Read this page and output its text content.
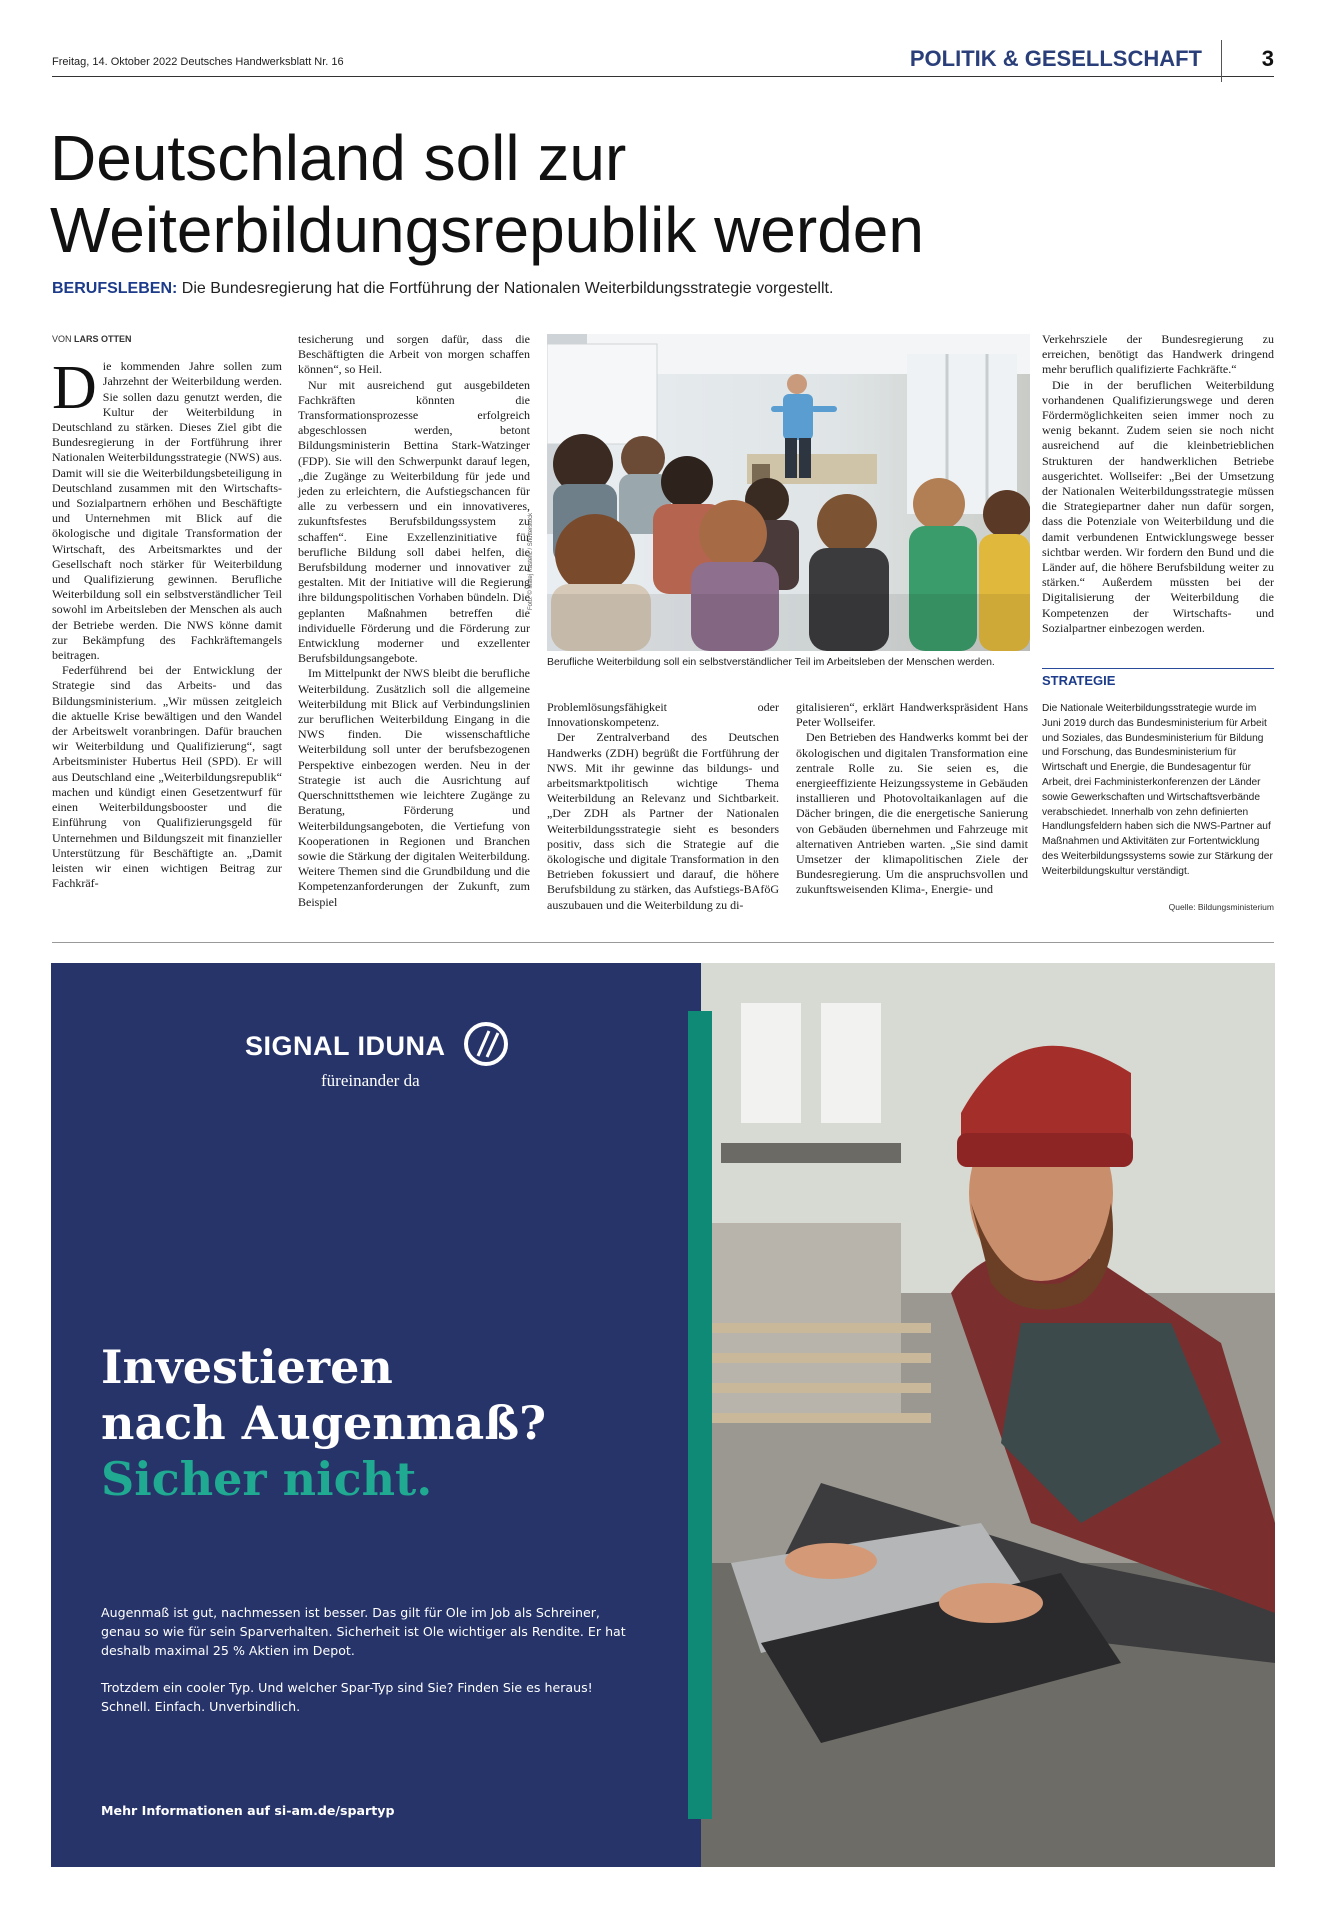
Freitag, 14. Oktober 2022 Deutsches Handwerksblatt Nr. 16	POLITIK & GESELLSCHAFT	3
Deutschland soll zur Weiterbildungsrepublik werden
BERUFSLEBEN: Die Bundesregierung hat die Fortführung der Nationalen Weiterbildungsstrategie vorgestellt.
VON LARS OTTEN
D ie kommenden Jahre sollen zum Jahrzehnt der Weiterbildung werden. Sie sollen dazu genutzt werden, die Kultur der Weiterbildung in Deutschland zu stärken. Dieses Ziel gibt die Bundesregierung in der Fortführung ihrer Nationalen Weiterbildungsstrategie (NWS) aus. Damit will sie die Weiterbildungsbeteiligung in Deutschland zusammen mit den Wirtschafts- und Sozialpartnern erhöhen und Beschäftigte und Unternehmen mit Blick auf die ökologische und digitale Transformation der Wirtschaft, des Arbeitsmarktes und der Gesellschaft noch stärker für Weiterbildung und Qualifizierung gewinnen. Berufliche Weiterbildung soll ein selbstverständlicher Teil sowohl im Arbeitsleben der Menschen als auch der Betriebe werden. Die NWS könne damit zur Bekämpfung des Fachkräftemangels beitragen.

Federführend bei der Entwicklung der Strategie sind das Arbeits- und das Bildungsministerium. „Wir müssen zeitgleich die aktuelle Krise bewältigen und den Wandel der Arbeitswelt voranbringen. Dafür brauchen wir Weiterbildung und Qualifizierung“, sagt Arbeitsminister Hubertus Heil (SPD). Er will aus Deutschland eine „Weiterbildungsrepublik“ machen und kündigt einen Gesetzentwurf für einen Weiterbildungsbooster und die Einführung von Qualifizierungsgeld für Unternehmen und Bildungszeit mit finanzieller Unterstützung für Beschäftigte an. „Damit leisten wir einen wichtigen Beitrag zur Fachkräf-

tesicherung und sorgen dafür, dass die Beschäftigten die Arbeit von morgen schaffen können“, so Heil.

Nur mit ausreichend gut ausgebildeten Fachkräften könnten die Transformationsprozesse erfolgreich abgeschlossen werden, betont Bildungsministerin Bettina Stark-Watzinger (FDP). Sie will den Schwerpunkt darauf legen, „die Zugänge zu Weiterbildung für jede und jeden zu erleichtern, die Aufstiegschancen für alle zu verbessern und ein innovativeres, zukunftsfestes Berufsbildungssystem zu schaffen“. Eine Exzellenzinitiative für berufliche Bildung soll dabei helfen, die Berufsbildung moderner und innovativer zu gestalten. Mit der Initiative will die Regierung ihre bildungspolitischen Vorhaben bündeln. Die geplanten Maßnahmen betreffen die individuelle Förderung und die Förderung zur Entwicklung moderner und exzellenter Berufsbildungsangebote.

Im Mittelpunkt der NWS bleibt die berufliche Weiterbildung. Zusätzlich soll die allgemeine Weiterbildung mit Blick auf Verbindungslinien zur beruflichen Weiterbildung Eingang in die NWS finden. Die wissenschaftliche Weiterbildung soll unter der berufsbezogenen Perspektive einbezogen werden. Neu in der Strategie ist auch die Ausrichtung auf Querschnittsthemen wie leichtere Zugänge zu Beratung, Förderung und Weiterbildungsangeboten, die Vertiefung von Kooperationen in Regionen und Branchen sowie die Stärkung der digitalen Weiterbildung. Weitere Themen sind die Grundbildung und die Kompetenzanforderungen der Zukunft, zum Beispiel

Foto: © Matej Kastelic / Shutterstock
Berufliche Weiterbildung soll ein selbstverständlicher Teil im Arbeitsleben der Menschen werden.

Problemlösungsfähigkeit oder Innovationskompetenz.

Der Zentralverband des Deutschen Handwerks (ZDH) begrüßt die Fortführung der NWS. Mit ihr gewinne das bildungs- und arbeitsmarktpolitisch wichtige Thema Weiterbildung an Relevanz und Sichtbarkeit. „Der ZDH als Partner der Nationalen Weiterbildungsstrategie sieht es besonders positiv, dass sich die Strategie auf die ökologische und digitale Transformation in den Betrieben fokussiert und darauf, die höhere Berufsbildung zu stärken, das Aufstiegs-BAföG auszubauen und die Weiterbildung zu di-

gitalisieren“, erklärt Handwerkspräsident Hans Peter Wollseifer.

Den Betrieben des Handwerks kommt bei der ökologischen und digitalen Transformation eine zentrale Rolle zu. Sie seien es, die energieeffiziente Heizungssysteme in Gebäuden installieren und Photovoltaikanlagen auf die Dächer bringen, die die energetische Sanierung von Gebäuden übernehmen und Fahrzeuge mit alternativen Antrieben warten. „Sie sind damit Umsetzer der klimapolitischen Ziele der Bundesregierung. Um die anspruchsvollen und zukunftsweisenden Klima-, Energie- und

Verkehrsziele der Bundesregierung zu erreichen, benötigt das Handwerk dringend mehr beruflich qualifizierte Fachkräfte.“

Die in der beruflichen Weiterbildung vorhandenen Qualifizierungswege und deren Fördermöglichkeiten seien immer noch zu wenig bekannt. Zudem seien sie noch nicht ausreichend auf die kleinbetrieblichen Strukturen der handwerklichen Betriebe ausgerichtet. Wollseifer: „Bei der Umsetzung der Nationalen Weiterbildungsstrategie müssen die Strategiepartner daher nun dafür sorgen, dass die Potenziale von Weiterbildung und die damit verbundenen Entwicklungswege besser sichtbar werden. Wir fordern den Bund und die Länder auf, die höhere Berufsbildung weiter zu stärken.“ Außerdem müssten bei der Digitalisierung der Weiterbildung die Kompetenzen der Wirtschafts- und Sozialpartner einbezogen werden.

STRATEGIE
Die Nationale Weiterbildungsstrategie wurde im Juni 2019 durch das Bundesministerium für Arbeit und Soziales, das Bundesministerium für Bildung und Forschung, das Bundesministerium für Wirtschaft und Energie, die Bundesagentur für Arbeit, drei Fachministerkonferenzen der Länder sowie Gewerkschaften und Wirtschaftsverbände verabschiedet. Innerhalb von zehn definierten Handlungsfeldern haben sich die NWS-Partner auf Maßnahmen und Aktivitäten zur Fortentwicklung des Weiterbildungssystems sowie zur Stärkung der Weiterbildungskultur verständigt.
Quelle: Bildungsministerium
SIGNAL IDUNA
füreinander da
Investieren
nach Augenmaß?
Sicher nicht.

Augenmaß ist gut, nachmessen ist besser. Das gilt für Ole im Job als Schreiner, genau so wie für sein Sparverhalten. Sicherheit ist Ole wichtiger als Rendite. Er hat deshalb maximal 25 % Aktien im Depot.

Trotzdem ein cooler Typ. Und welcher Spar-Typ sind Sie? Finden Sie es heraus! Schnell. Einfach. Unverbindlich.

Mehr Informationen auf si-am.de/spartyp
